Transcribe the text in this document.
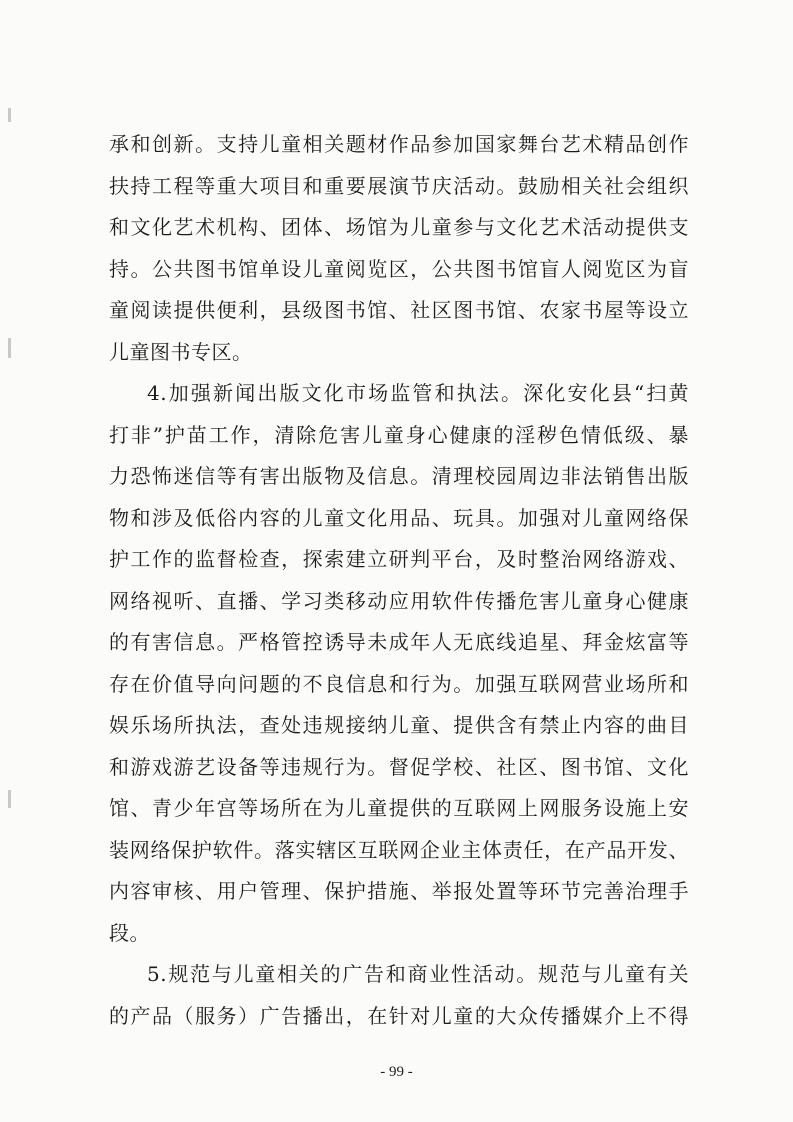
承和创新。支持儿童相关题材作品参加国家舞台艺术精品创作
扶持工程等重大项目和重要展演节庆活动。鼓励相关社会组织
和文化艺术机构、团体、场馆为儿童参与文化艺术活动提供支
持。公共图书馆单设儿童阅览区，公共图书馆盲人阅览区为盲
童阅读提供便利，县级图书馆、社区图书馆、农家书屋等设立
儿童图书专区。
4.加强新闻出版文化市场监管和执法。深化安化县“扫黄
打非”护苗工作，清除危害儿童身心健康的淫秽色情低级、暴
力恐怖迷信等有害出版物及信息。清理校园周边非法销售出版
物和涉及低俗内容的儿童文化用品、玩具。加强对儿童网络保
护工作的监督检查，探索建立研判平台，及时整治网络游戏、
网络视听、直播、学习类移动应用软件传播危害儿童身心健康
的有害信息。严格管控诱导未成年人无底线追星、拜金炫富等
存在价值导向问题的不良信息和行为。加强互联网营业场所和
娱乐场所执法，查处违规接纳儿童、提供含有禁止内容的曲目
和游戏游艺设备等违规行为。督促学校、社区、图书馆、文化
馆、青少年宫等场所在为儿童提供的互联网上网服务设施上安
装网络保护软件。落实辖区互联网企业主体责任，在产品开发、
内容审核、用户管理、保护措施、举报处置等环节完善治理手
段。
5.规范与儿童相关的广告和商业性活动。规范与儿童有关
的产品（服务）广告播出，在针对儿童的大众传播媒介上不得
- 99 -
